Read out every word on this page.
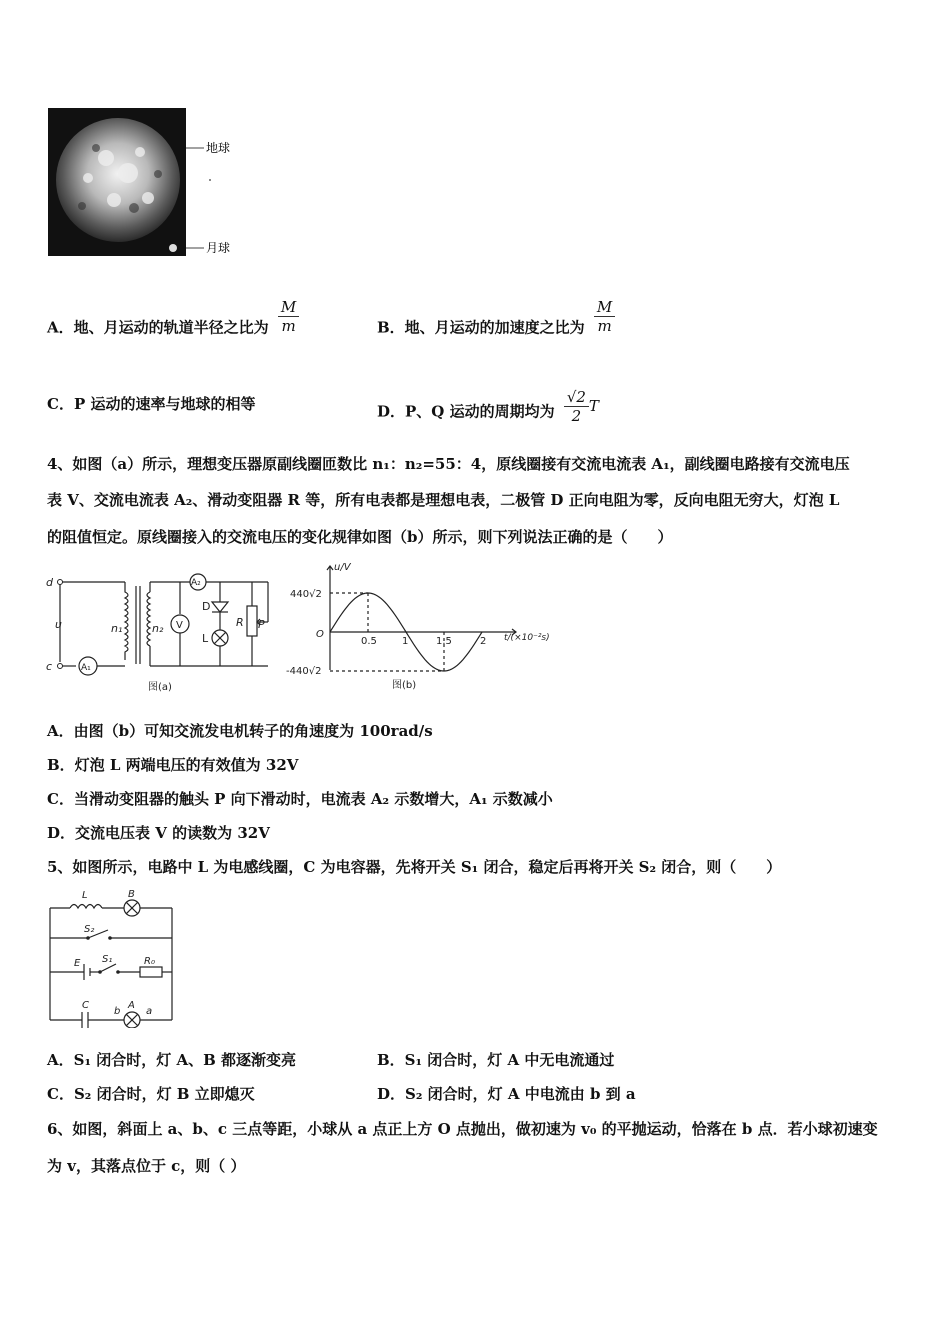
地球
月球
A．地、月运动的轨道半径之比为 $\frac{M}{m}$	B．地、月运动的加速度之比为 $\frac{M}{m}$
C．P 运动的速率与地球的相等	D．P、Q 运动的周期均为 $\frac{√2}{2}$ T
4、如图（a）所示，理想变压器原副线圈匝数比 n₁：n₂=55：4，原线圈接有交流电流表 A₁，副线圈电路接有交流电压
表 V、交流电流表 A₂、滑动变阻器 R 等，所有电表都是理想电表，二极管 D 正向电阻为零，反向电阻无穷大，灯泡 L
的阻值恒定。原线圈接入的交流电压的变化规律如图（b）所示，则下列说法正确的是（　　）
d
c
u	n₁	n₂ V
A₁
A₂
D
L
R P
图(a)
u/V
O
440√2
-440√2
0.5	1	1.5	2 t/(×10⁻²s)
图(b)
A．由图（b）可知交流发电机转子的角速度为 100rad/s
B．灯泡 L 两端电压的有效值为 32V
C．当滑动变阻器的触头 P 向下滑动时，电流表 A₂ 示数增大，A₁ 示数减小
D．交流电压表 V 的读数为 32V
5、如图所示，电路中 L 为电感线圈，C 为电容器，先将开关 S₁ 闭合，稳定后再将开关 S₂ 闭合，则（　　）
L	B
S₂
E S₁	R₀
C
b
A
a
A．S₁ 闭合时，灯 A、B 都逐渐变亮	B．S₁ 闭合时，灯 A 中无电流通过
C．S₂ 闭合时，灯 B 立即熄灭	D．S₂ 闭合时，灯 A 中电流由 b 到 a
6、如图，斜面上 a、b、c 三点等距，小球从 a 点正上方 O 点抛出，做初速为 v₀ 的平抛运动，恰落在 b 点．若小球初速变
为 v，其落点位于 c，则（ ）
